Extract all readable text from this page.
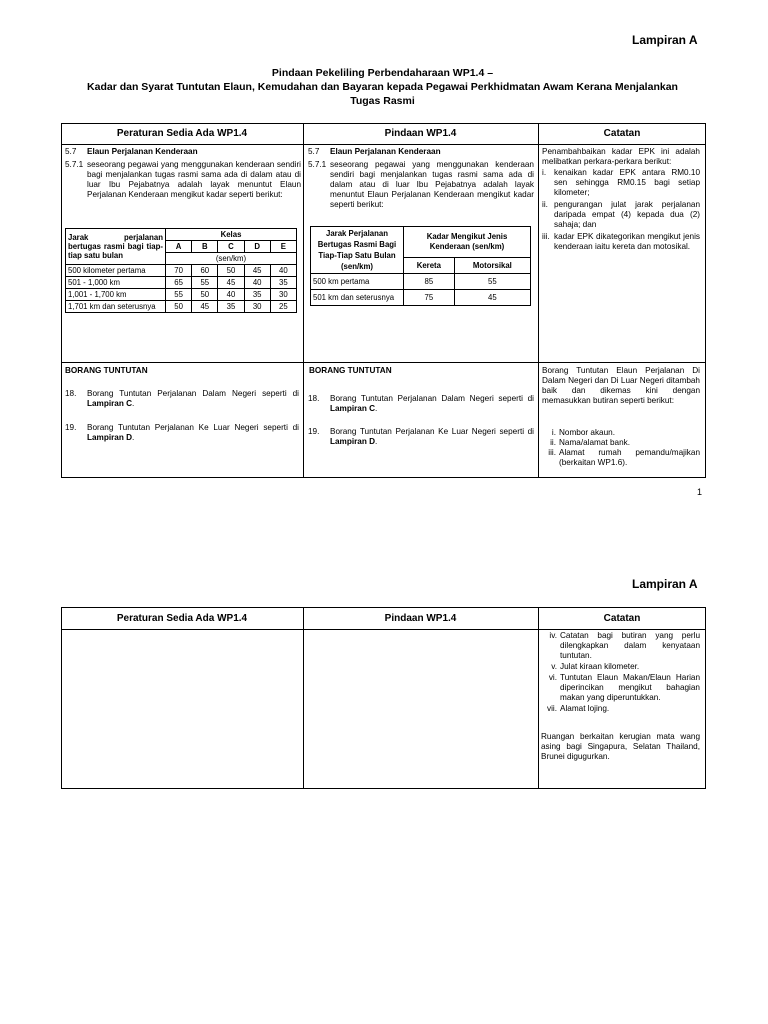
Lampiran A
Pindaan Pekeliling Perbendaharaan WP1.4 –
Kadar dan Syarat Tuntutan Elaun, Kemudahan dan Bayaran kepada Pegawai Perkhidmatan Awam Kerana Menjalankan
Tugas Rasmi
Peraturan Sedia Ada WP1.4	Pindaan WP1.4	Catatan
5.7	Elaun Perjalanan Kenderaan
5.7.1 seseorang pegawai yang menggunakan kenderaan sendiri bagi menjalankan tugas rasmi sama ada di dalam atau di luar Ibu Pejabatnya adalah layak menuntut Elaun Perjalanan Kenderaan mengikut kadar seperti berikut:
Jarak perjalanan bertugas rasmi bagi tiap-tiap satu bulan	Kelas				
	A	B	C	D	E
	(sen/km)				
500 kilometer pertama	70	60	50	45	40
501 - 1,000 km	65	55	45	40	35
1,001 - 1,700 km	55	50	40	35	30
1,701 km dan seterusnya	50	45	35	30	25
5.7	Elaun Perjalanan Kenderaan
5.7.1 seseorang pegawai yang menggunakan kenderaan sendiri bagi menjalankan tugas rasmi sama ada di dalam atau di luar Ibu Pejabatnya adalah layak menuntut Elaun Perjalanan Kenderaan mengikut kadar seperti berikut:
Jarak Perjalanan Bertugas Rasmi Bagi Tiap-Tiap Satu Bulan (sen/km)	Kadar Mengikut Jenis Kenderaan (sen/km)	
	Kereta	Motorsikal
500 km pertama	85	55
501 km dan seterusnya	75	45
Penambahbaikan kadar EPK ini adalah melibatkan perkara-perkara berikut:
i. kenaikan kadar EPK antara RM0.10 sen sehingga RM0.15 bagi setiap kilometer;
ii. pengurangan julat jarak perjalanan daripada empat (4) kepada dua (2) sahaja; dan
iii. kadar EPK dikategorikan mengikut jenis kenderaan iaitu kereta dan motosikal.
BORANG TUNTUTAN
18.	Borang Tuntutan Perjalanan Dalam Negeri seperti di Lampiran C.
19.	Borang Tuntutan Perjalanan Ke Luar Negeri seperti di Lampiran D.
BORANG TUNTUTAN
18.	Borang Tuntutan Perjalanan Dalam Negeri seperti di Lampiran C.
19.	Borang Tuntutan Perjalanan Ke Luar Negeri seperti di Lampiran D.
Borang Tuntutan Elaun Perjalanan Di Dalam Negeri dan Di Luar Negeri ditambah baik dan dikemas kini dengan memasukkan butiran seperti berikut:
i. Nombor akaun.
ii. Nama/alamat bank.
iii. Alamat rumah pemandu/majikan (berkaitan WP1.6).
1
Lampiran A
Peraturan Sedia Ada WP1.4	Pindaan WP1.4	Catatan
iv. Catatan bagi butiran yang perlu dilengkapkan dalam kenyataan tuntutan.
v. Julat kiraan kilometer.
vi. Tuntutan Elaun Makan/Elaun Harian diperincikan mengikut bahagian makan yang diperuntukkan.
vii. Alamat lojing.
Ruangan berkaitan kerugian mata wang asing bagi Singapura, Selatan Thailand, Brunei digugurkan.
